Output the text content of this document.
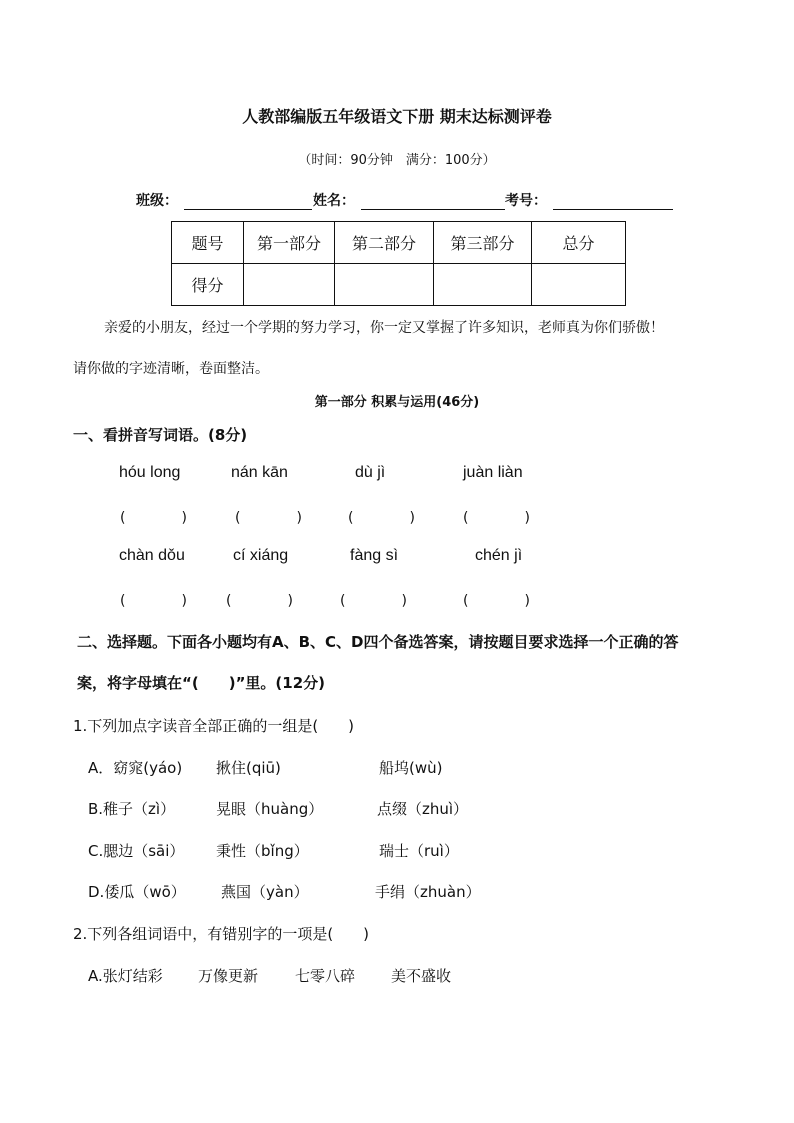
人教部编版五年级语文下册 期末达标测评卷
（时间：90分钟　满分：100分）
班级：	姓名：	考号：
题号	第一部分	第二部分	第三部分	总分
得分				
亲爱的小朋友，经过一个学期的努力学习，你一定又掌握了许多知识，老师真为你们骄傲！
请你做的字迹清晰，卷面整洁。
第一部分 积累与运用(46分)
一、看拼音写词语。(8分)
hóu long	nán kān	dù jì	juàn liàn
(　　　　)	(　　　　)	(　　　　)	(　　　　)
chàn dǒu	cí xiáng	fàng sì	chén jì
(　　　　)	(　　　　)	(　　　　)	(　　　　)
二、选择题。下面各小题均有A、B、C、D四个备选答案，请按题目要求选择一个正确的答
案，将字母填在“(　　)”里。(12分)
1.下列加点字读音全部正确的一组是(　　)
A．窈窕(yáo) 揪住(qiū)	船坞(wù)
B.稚子（zì）	晃眼（huàng）	点缀（zhuì）
C.腮边（sāi） 秉性（bǐng）	瑞士（ruì）
D.倭瓜（wō） 燕国（yàn）	手绢（zhuàn）
2.下列各组词语中，有错别字的一项是(　　)
A.张灯结彩 万像更新 七零八碎 美不盛收
